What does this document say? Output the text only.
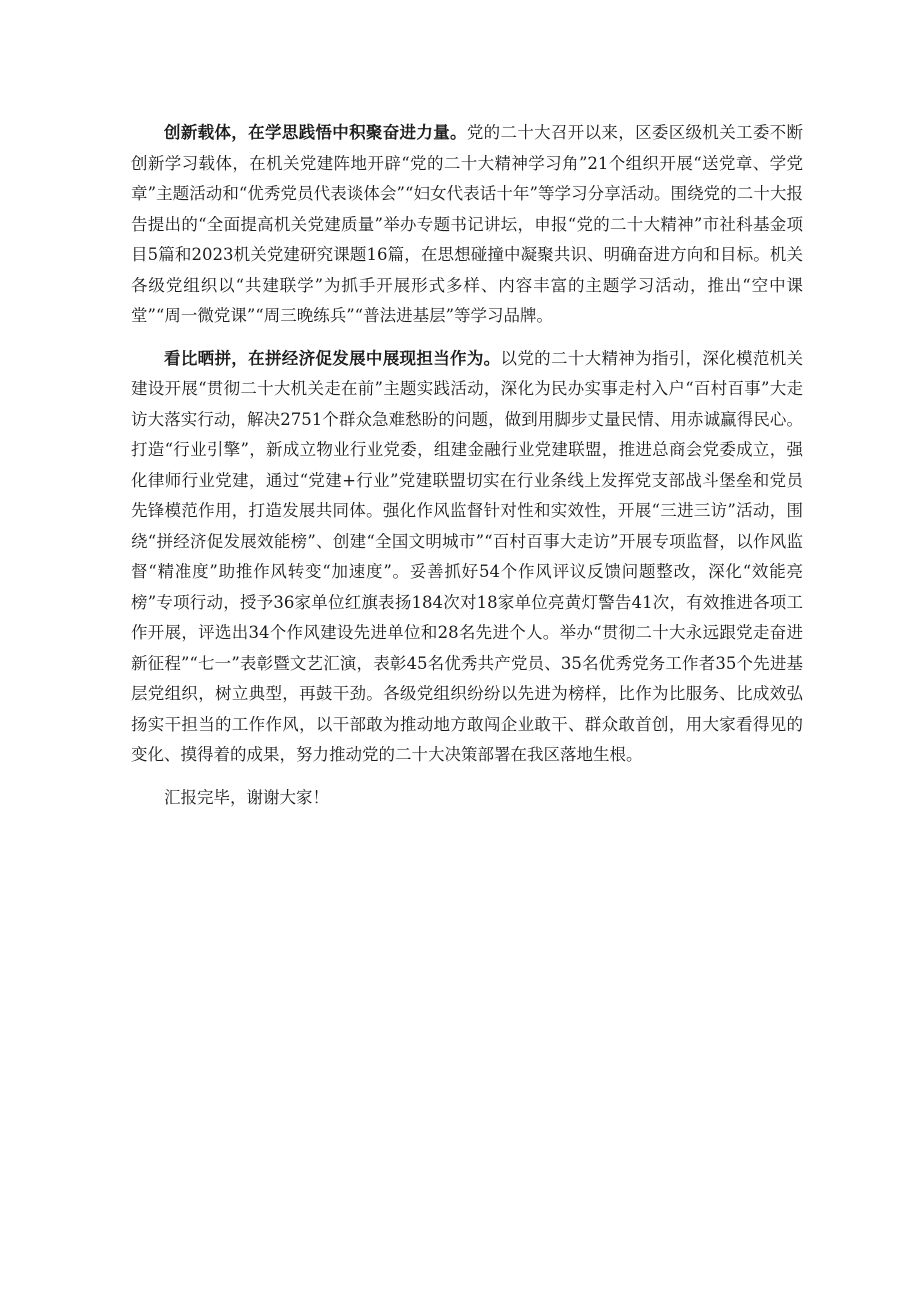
创新载体，在学思践悟中积聚奋进力量。党的二十大召开以来，区委区级机关工委不断创新学习载体，在机关党建阵地开辟“党的二十大精神学习角”21个组织开展“送党章、学党章”主题活动和“优秀党员代表谈体会”“妇女代表话十年”等学习分享活动。围绕党的二十大报告提出的“全面提高机关党建质量”举办专题书记讲坛，申报“党的二十大精神”市社科基金项目5篇和2023机关党建研究课题16篇，在思想碰撞中凝聚共识、明确奋进方向和目标。机关各级党组织以“共建联学”为抓手开展形式多样、内容丰富的主题学习活动，推出“空中课堂”“周一微党课”“周三晚练兵”“普法进基层”等学习品牌。

看比晒拼，在拼经济促发展中展现担当作为。以党的二十大精神为指引，深化模范机关建设开展“贯彻二十大机关走在前”主题实践活动，深化为民办实事走村入户“百村百事”大走访大落实行动，解决2751个群众急难愁盼的问题，做到用脚步丈量民情、用赤诚赢得民心。打造“行业引擎”，新成立物业行业党委，组建金融行业党建联盟，推进总商会党委成立，强化律师行业党建，通过“党建+行业”党建联盟切实在行业条线上发挥党支部战斗堡垒和党员先锋模范作用，打造发展共同体。强化作风监督针对性和实效性，开展“三进三访”活动，围绕“拼经济促发展效能榜”、创建“全国文明城市”“百村百事大走访”开展专项监督，以作风监督“精准度”助推作风转变“加速度”。妥善抓好54个作风评议反馈问题整改，深化“效能亮榜”专项行动，授予36家单位红旗表扬184次对18家单位亮黄灯警告41次，有效推进各项工作开展，评选出34个作风建设先进单位和28名先进个人。举办“贯彻二十大永远跟党走奋进新征程”“七一”表彰暨文艺汇演，表彰45名优秀共产党员、35名优秀党务工作者35个先进基层党组织，树立典型，再鼓干劲。各级党组织纷纷以先进为榜样，比作为比服务、比成效弘扬实干担当的工作作风，以干部敢为推动地方敢闯企业敢干、群众敢首创，用大家看得见的变化、摸得着的成果，努力推动党的二十大决策部署在我区落地生根。

汇报完毕，谢谢大家！
